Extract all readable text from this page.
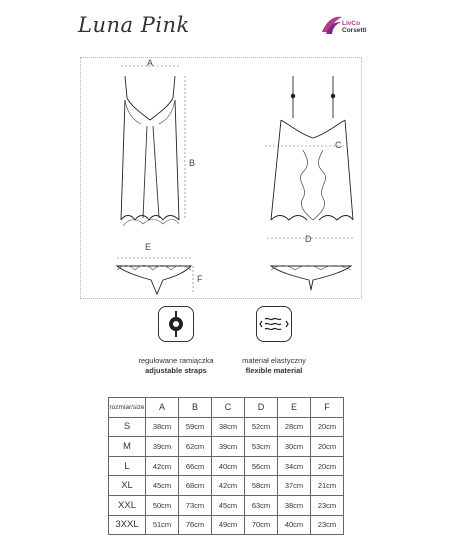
Luna Pink	LivCo
Corsetti
A
B
C
D
E
F
regulowane ramiączka
adjustable straps
materiał elastyczny
flexible material
rozmiar/size	A	B	C	D	E	F
S	38cm	59cm	38cm	52cm	28cm	20cm
M	39cm	62cm	39cm	53cm	30cm	20cm
L	42cm	66cm	40cm	56cm	34cm	20cm
XL	45cm	68cm	42cm	58cm	37cm	21cm
XXL	50cm	73cm	45cm	63cm	38cm	23cm
3XXL	51cm	76cm	49cm	70cm	40cm	23cm
